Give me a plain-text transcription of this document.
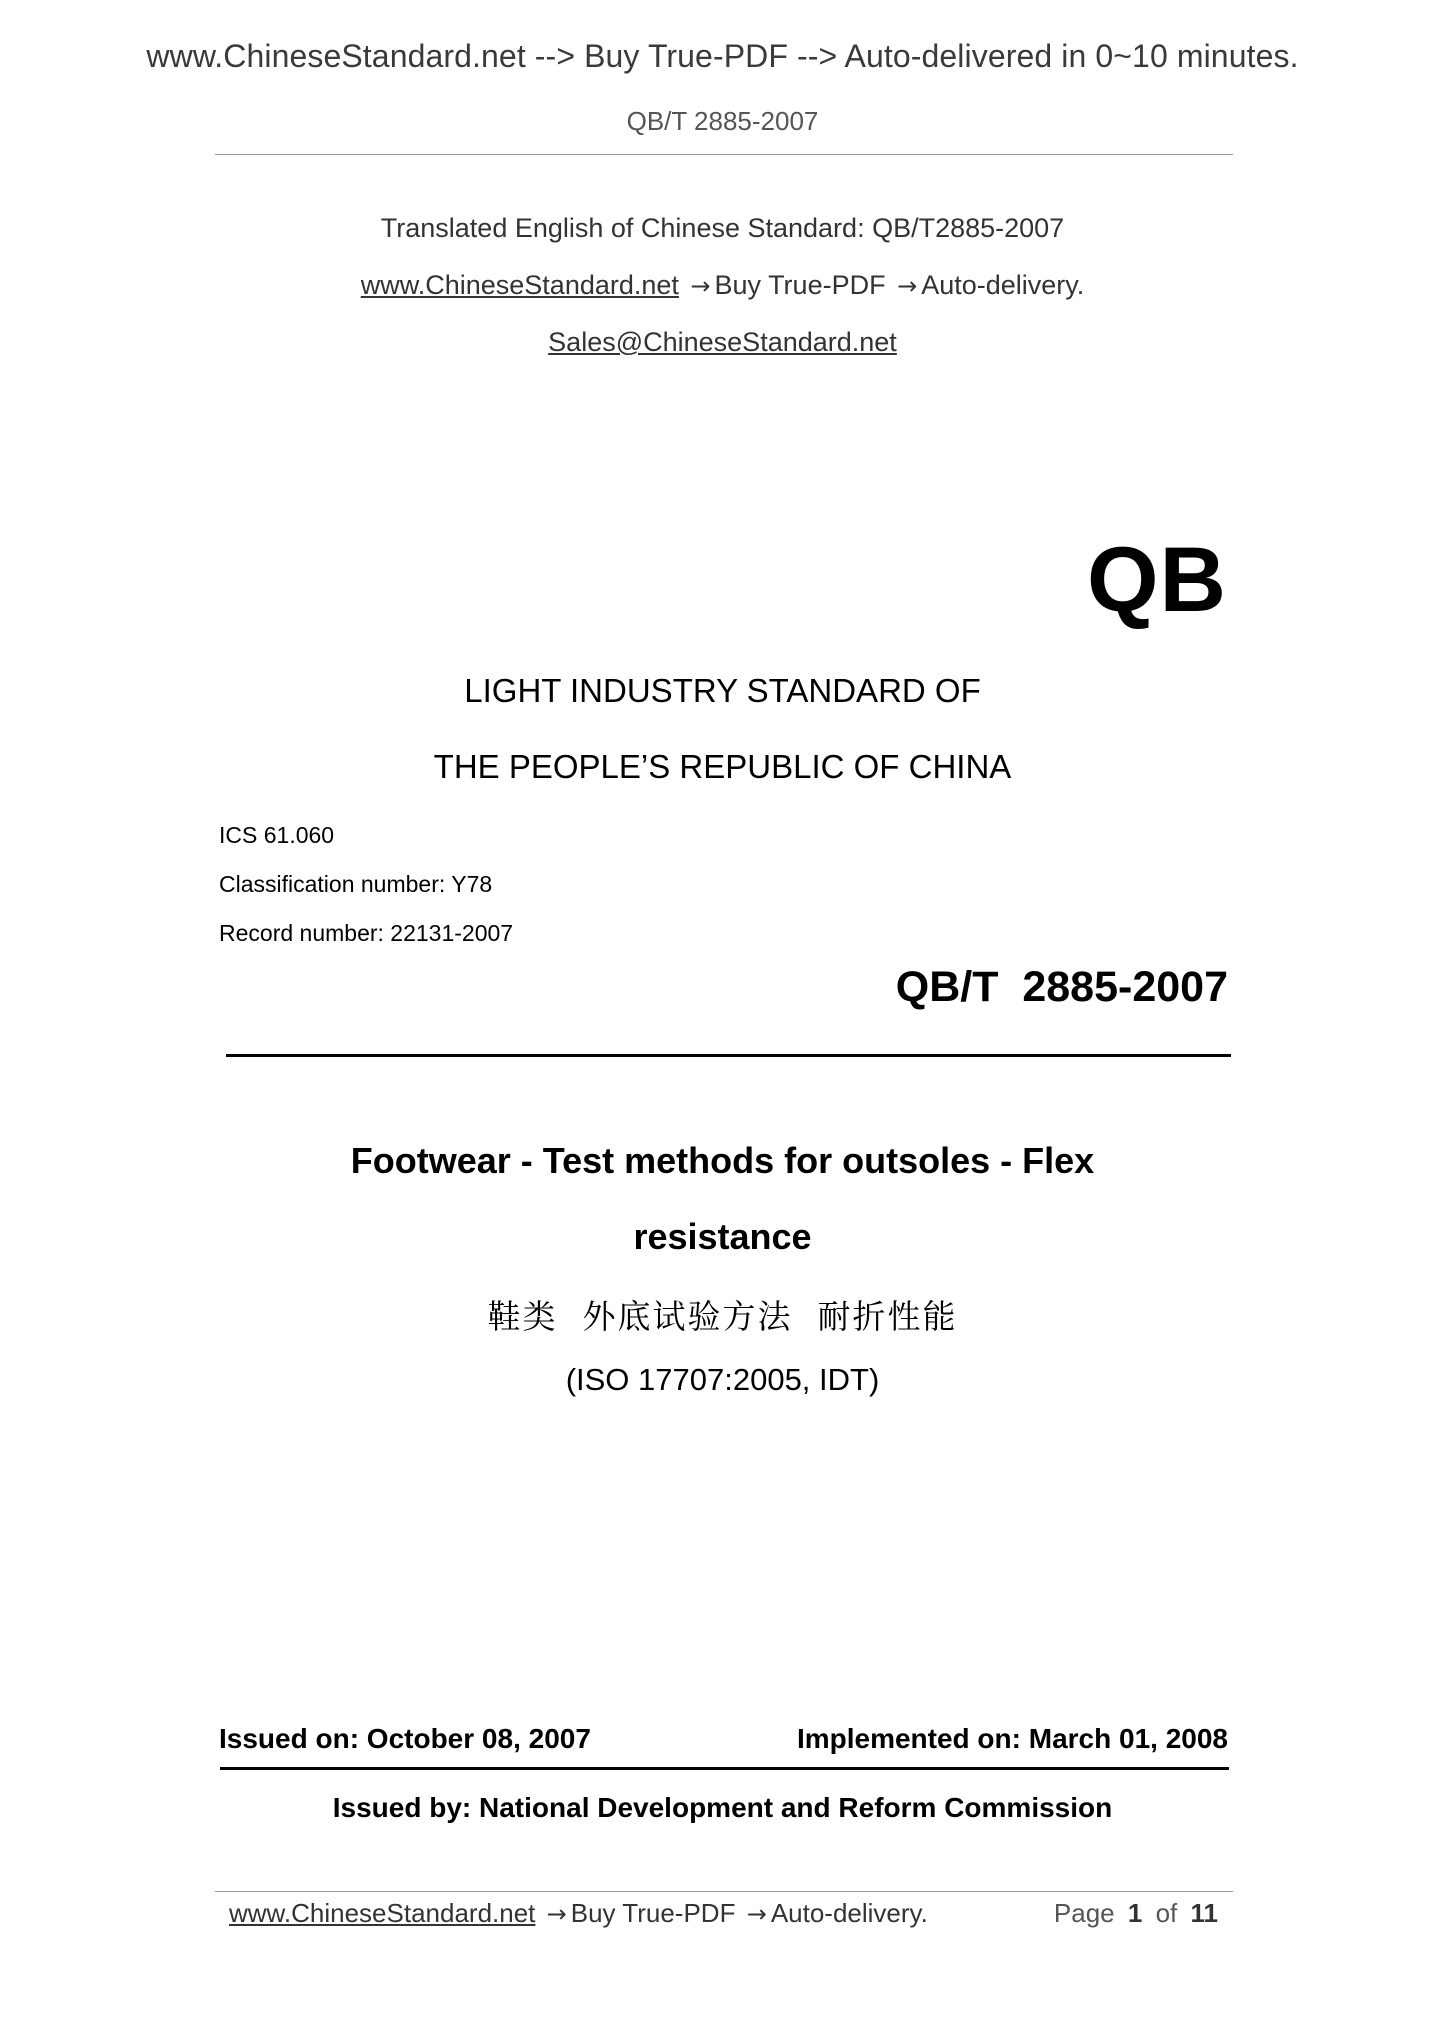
www.ChineseStandard.net --> Buy True-PDF --> Auto-delivered in 0~10 minutes.
QB/T 2885-2007
Translated English of Chinese Standard: QB/T2885-2007
www.ChineseStandard.net → Buy True-PDF → Auto-delivery.
Sales@ChineseStandard.net
QB
LIGHT INDUSTRY STANDARD OF
THE PEOPLE’S REPUBLIC OF CHINA
ICS 61.060
Classification number: Y78
Record number: 22131-2007
QB/T  2885-2007
Footwear - Test methods for outsoles - Flex
resistance
鞋类  外底试验方法  耐折性能
(ISO 17707:2005, IDT)
Issued on: October 08, 2007	Implemented on: March 01, 2008
Issued by: National Development and Reform Commission
www.ChineseStandard.net → Buy True-PDF → Auto-delivery.	Page 1 of 11
